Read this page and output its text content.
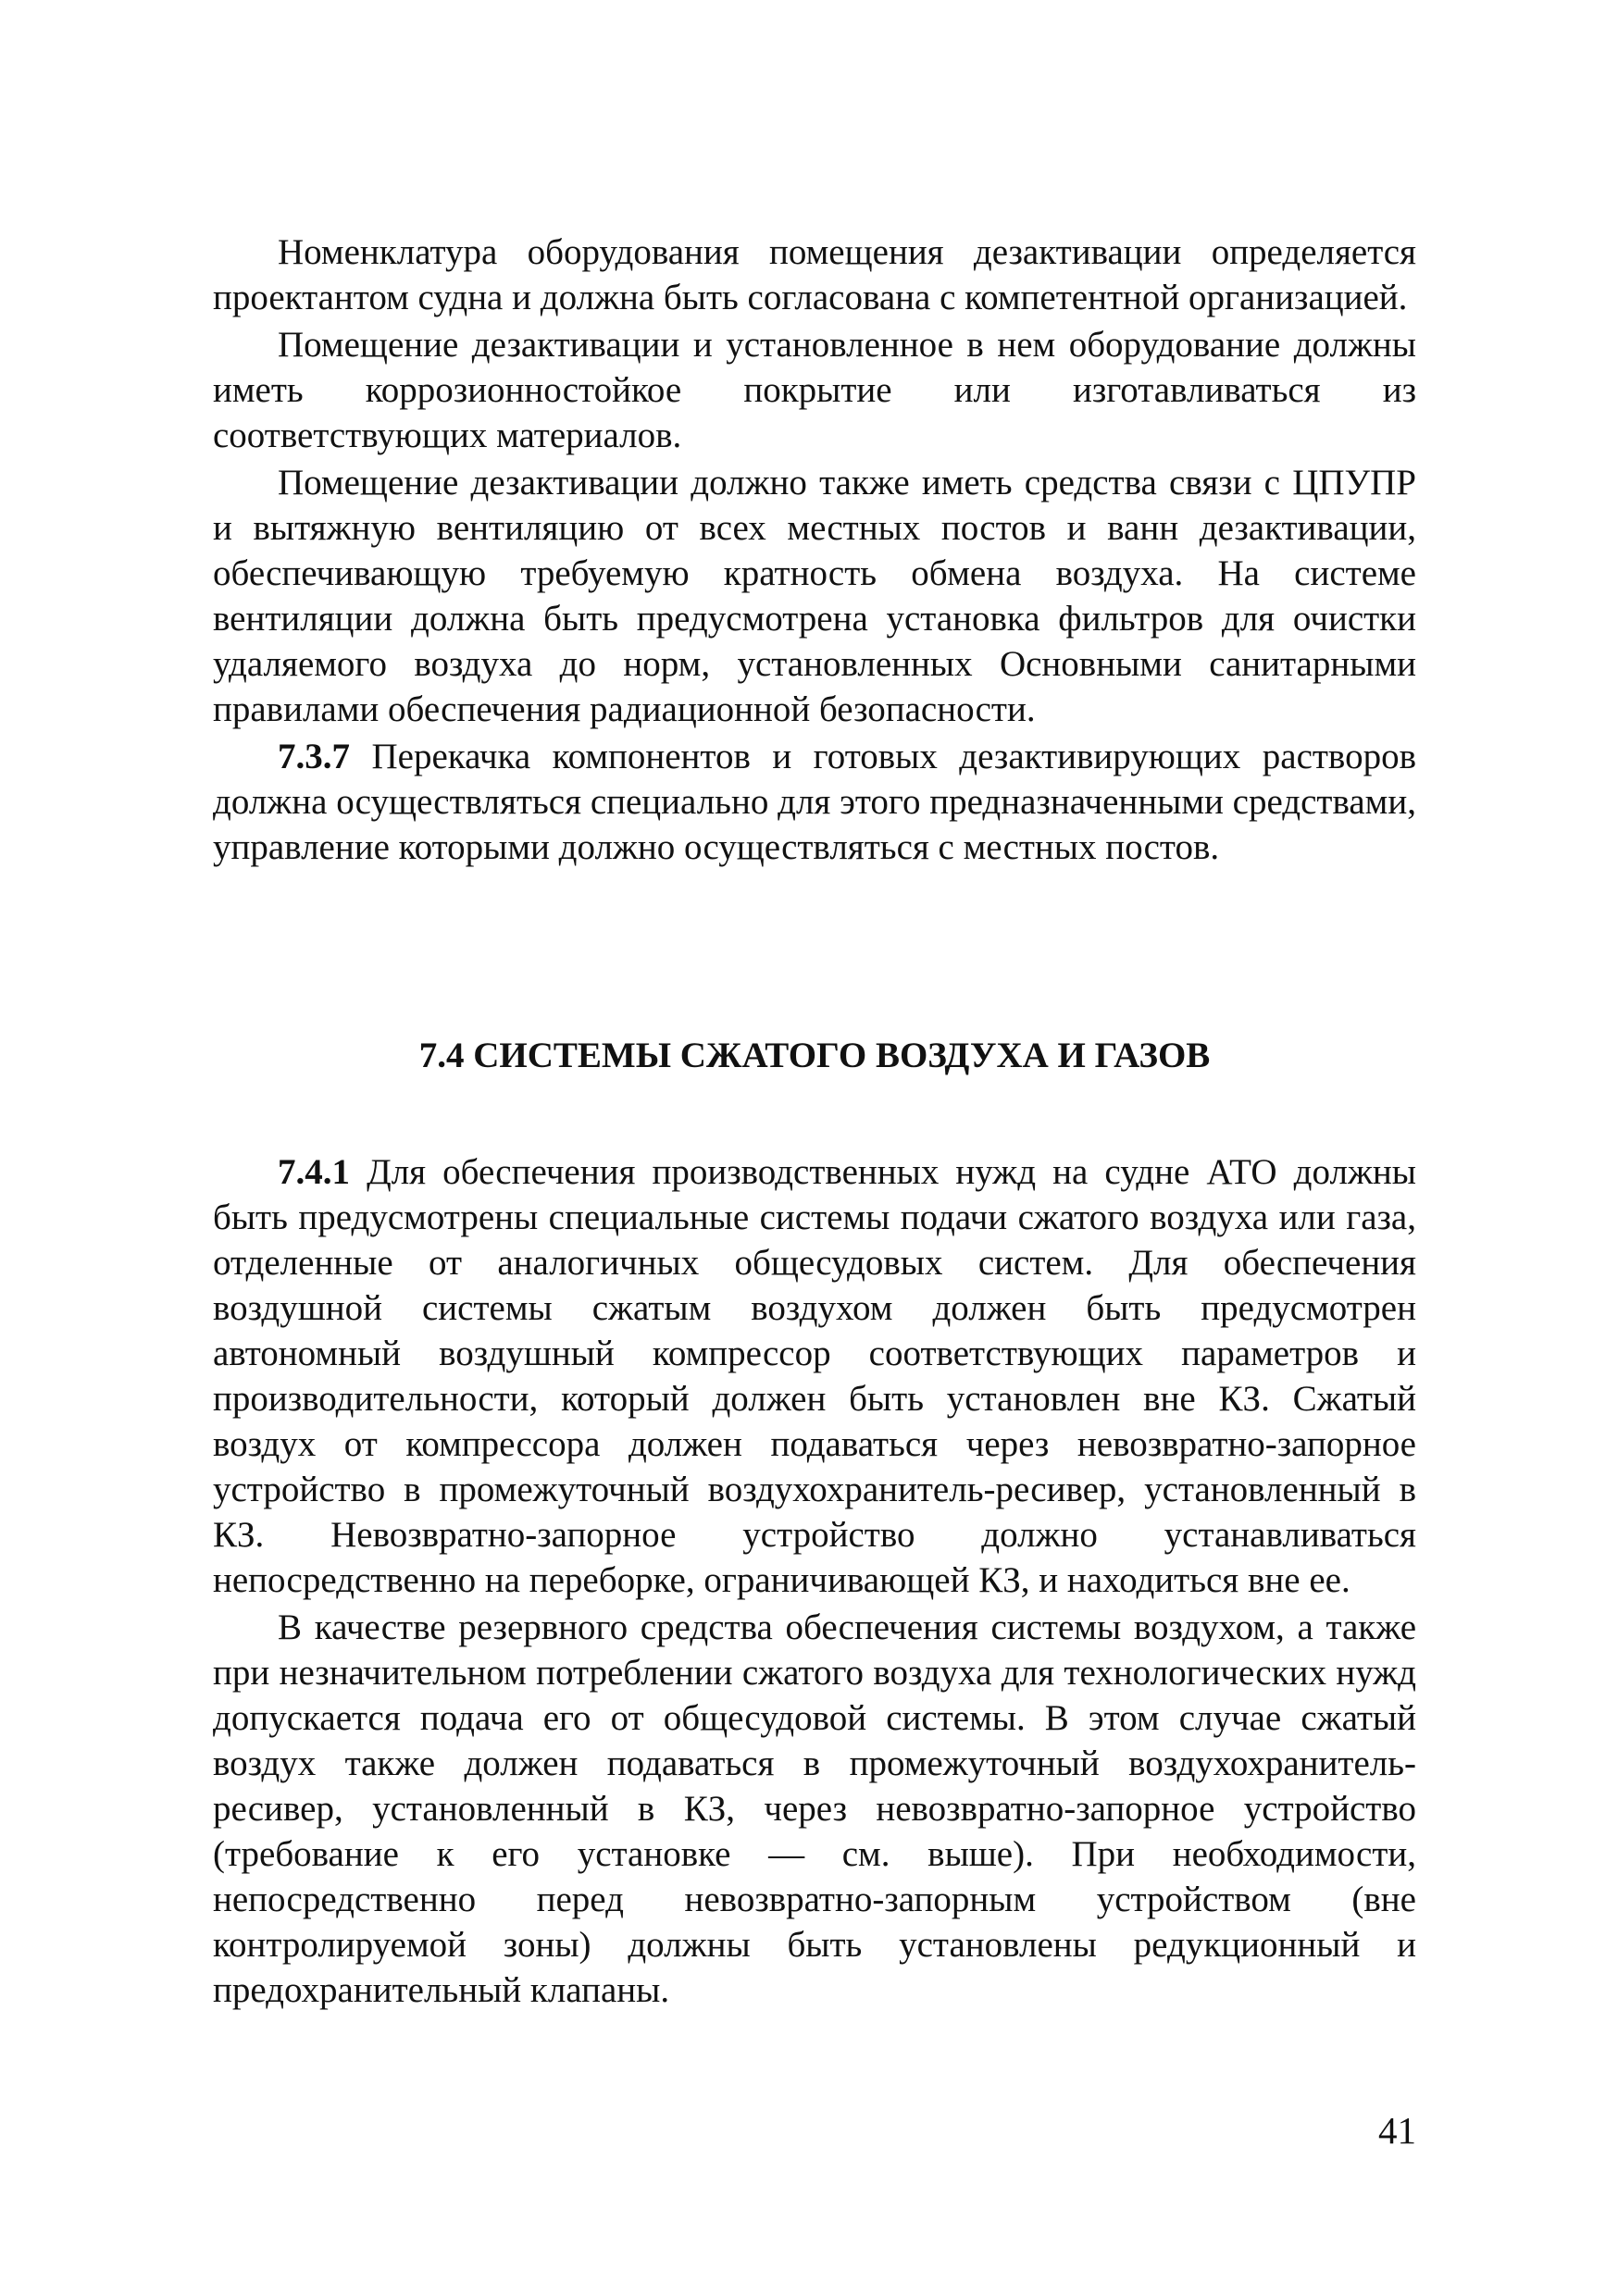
Номенклатура оборудования помещения дезактивации определяется проектантом судна и должна быть согласована с компетентной организацией.

Помещение дезактивации и установленное в нем оборудование должны иметь коррозионностойкое покрытие или изготавливаться из соответствующих материалов.

Помещение дезактивации должно также иметь средства связи с ЦПУПР и вытяжную вентиляцию от всех местных постов и ванн дезактивации, обеспечивающую требуемую кратность обмена воздуха. На системе вентиляции должна быть предусмотрена установка фильтров для очистки удаляемого воздуха до норм, установленных Основными санитарными правилами обеспечения радиационной безопасности.

7.3.7 Перекачка компонентов и готовых дезактивирующих растворов должна осуществляться специально для этого предназначенными средствами, управление которыми должно осуществляться с местных постов.

7.4 СИСТЕМЫ СЖАТОГО ВОЗДУХА И ГАЗОВ

7.4.1 Для обеспечения производственных нужд на судне АТО должны быть предусмотрены специальные системы подачи сжатого воздуха или газа, отделенные от аналогичных общесудовых систем. Для обеспечения воздушной системы сжатым воздухом должен быть предусмотрен автономный воздушный компрессор соответствующих параметров и производительности, который должен быть установлен вне КЗ. Сжатый воздух от компрессора должен подаваться через невозвратно-запорное устройство в промежуточный воздухохранитель-ресивер, установленный в КЗ. Невозвратно-запорное устройство должно устанавливаться непосредственно на переборке, ограничивающей КЗ, и находиться вне ее.

В качестве резервного средства обеспечения системы воздухом, а также при незначительном потреблении сжатого воздуха для технологических нужд допускается подача его от общесудовой системы. В этом случае сжатый воздух также должен подаваться в промежуточный воздухохранитель-ресивер, установленный в КЗ, через невозвратно-запорное устройство (требование к его установке — см. выше). При необходимости, непосредственно перед невозвратно-запорным устройством (вне контролируемой зоны) должны быть установлены редукционный и предохранительный клапаны.

41
